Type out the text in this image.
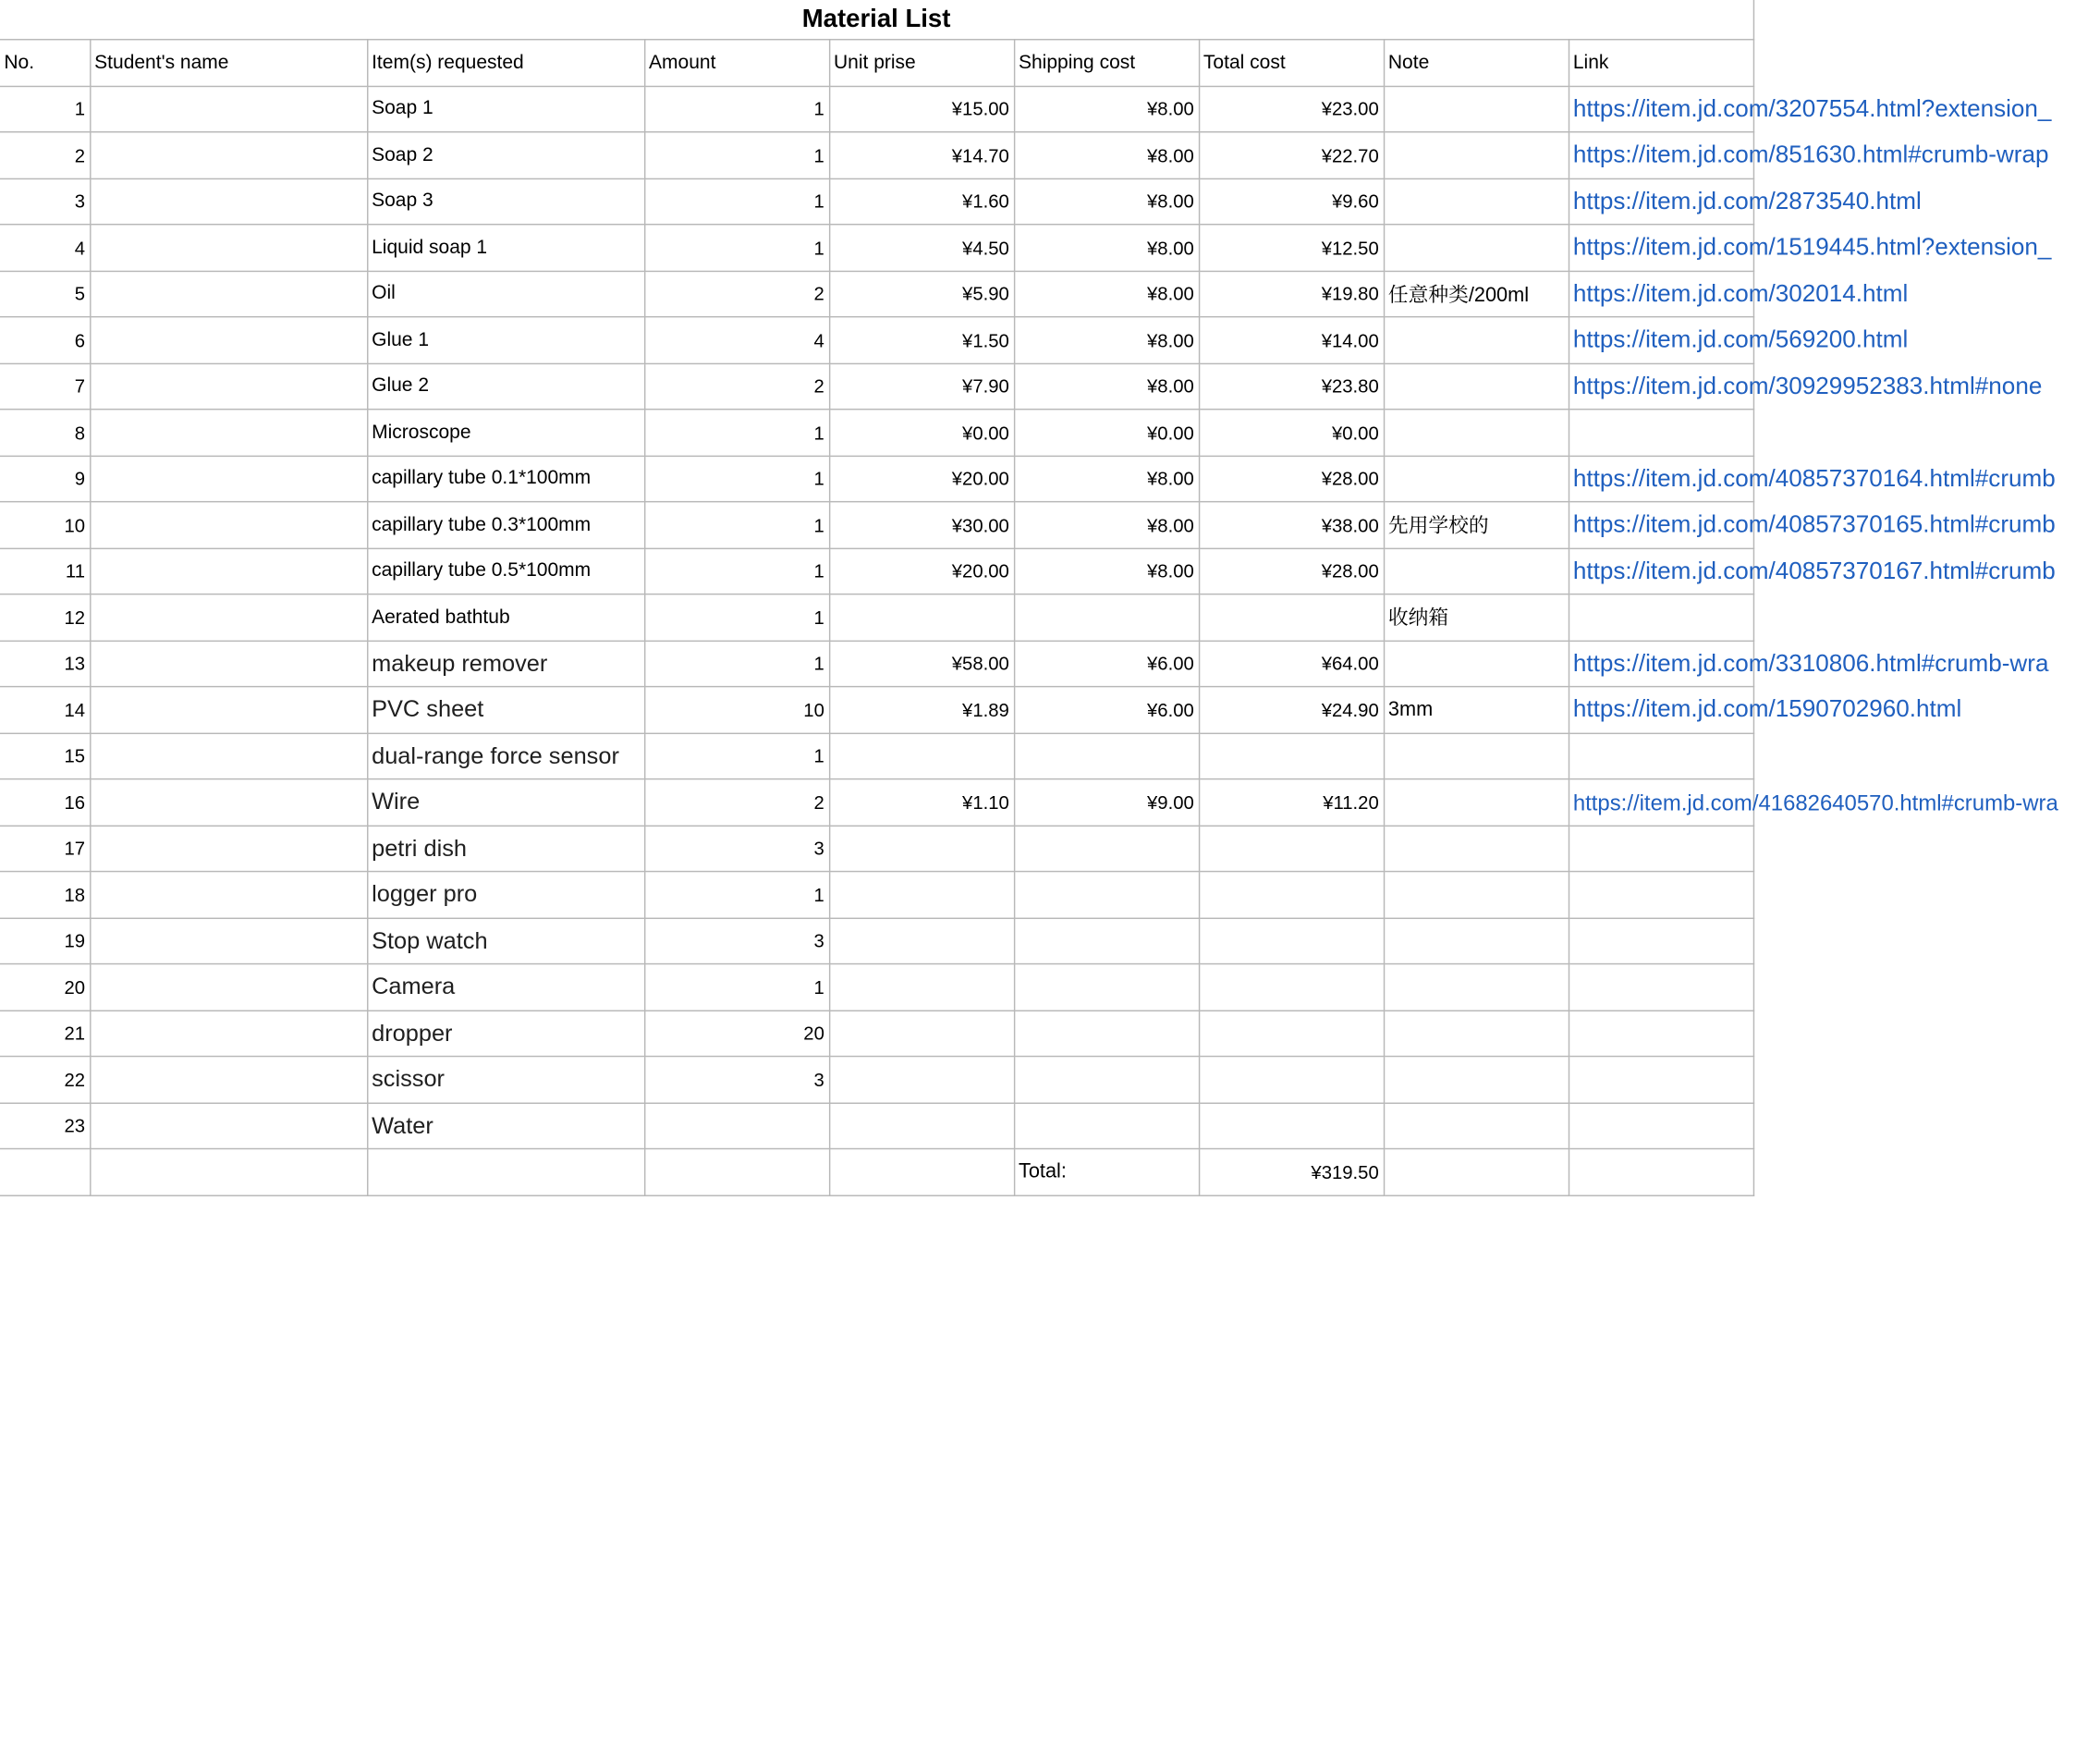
Material List								
No.	Student's name	Item(s) requested	Amount	Unit prise	Shipping cost	Total cost	Note	Link
1		Soap 1	1	¥15.00	¥8.00	¥23.00		https://item.jd.com/3207554.html?extension_

2		Soap 2	1	¥14.70	¥8.00	¥22.70		https://item.jd.com/851630.html#crumb-wrap

3		Soap 3	1	¥1.60	¥8.00	¥9.60		https://item.jd.com/2873540.html

4		Liquid soap 1	1	¥4.50	¥8.00	¥12.50		https://item.jd.com/1519445.html?extension_

5		Oil	2	¥5.90	¥8.00	¥19.80	任意种类/200ml	https://item.jd.com/302014.html

6		Glue 1	4	¥1.50	¥8.00	¥14.00		https://item.jd.com/569200.html

7		Glue 2	2	¥7.90	¥8.00	¥23.80		https://item.jd.com/30929952383.html#none

8		Microscope	1	¥0.00	¥0.00	¥0.00		
9		capillary tube 0.1*100mm	1	¥20.00	¥8.00	¥28.00		https://item.jd.com/40857370164.html#crumb

10		capillary tube 0.3*100mm	1	¥30.00	¥8.00	¥38.00	先用学校的	https://item.jd.com/40857370165.html#crumb

11		capillary tube 0.5*100mm	1	¥20.00	¥8.00	¥28.00		https://item.jd.com/40857370167.html#crumb

12		Aerated bathtub	1				收纳箱	
13		makeup remover	1	¥58.00	¥6.00	¥64.00		https://item.jd.com/3310806.html#crumb-wra

14		PVC sheet	10	¥1.89	¥6.00	¥24.90	3mm	https://item.jd.com/1590702960.html

15		dual-range force sensor	1					
16		Wire	2	¥1.10	¥9.00	¥11.20		https://item.jd.com/41682640570.html#crumb-wra

17		petri dish	3					
18		logger pro	1					
19		Stop watch	3					
20		Camera	1					
21		dropper	20					
22		scissor	3					
23		Water						
					Total:	¥319.50		
